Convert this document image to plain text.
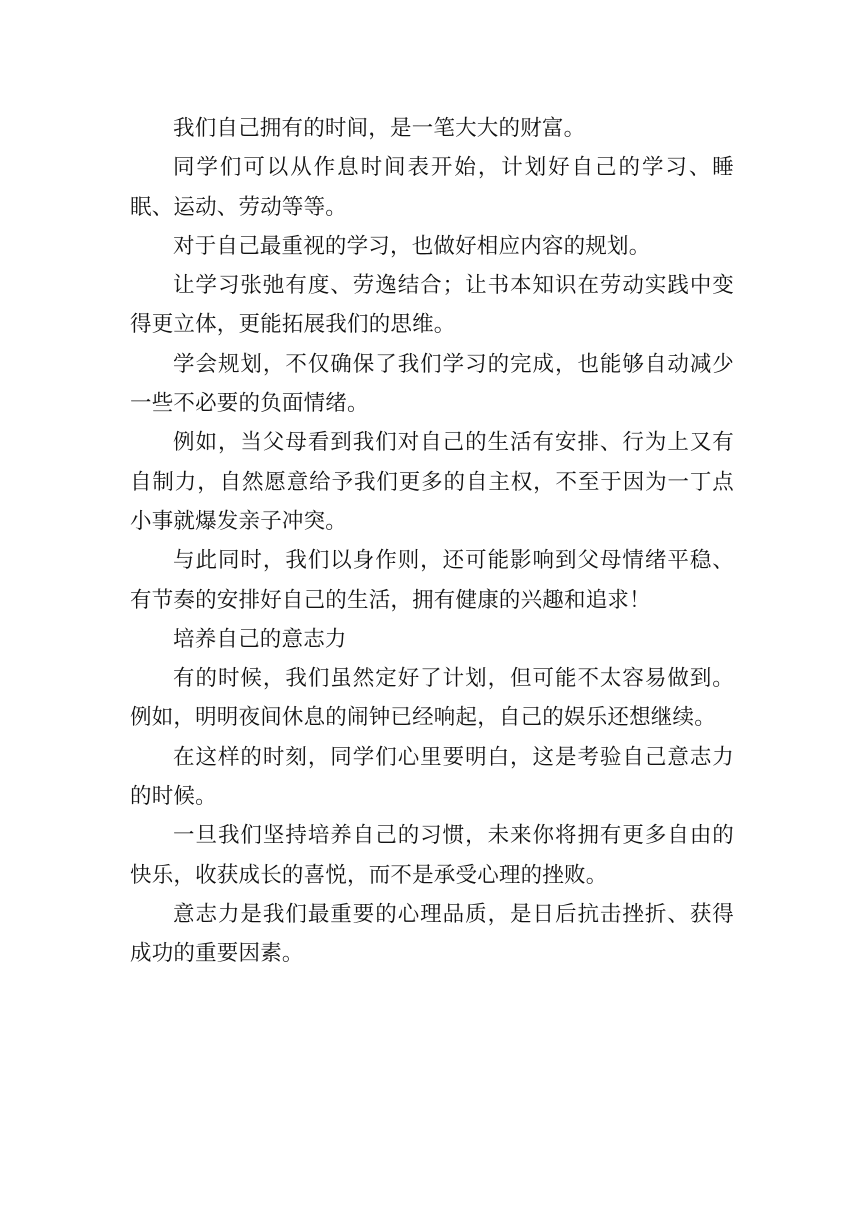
我们自己拥有的时间，是一笔大大的财富。

同学们可以从作息时间表开始，计划好自己的学习、睡眠、运动、劳动等等。

对于自己最重视的学习，也做好相应内容的规划。

让学习张弛有度、劳逸结合；让书本知识在劳动实践中变得更立体，更能拓展我们的思维。

学会规划，不仅确保了我们学习的完成，也能够自动减少一些不必要的负面情绪。

例如，当父母看到我们对自己的生活有安排、行为上又有自制力，自然愿意给予我们更多的自主权，不至于因为一丁点小事就爆发亲子冲突。

与此同时，我们以身作则，还可能影响到父母情绪平稳、有节奏的安排好自己的生活，拥有健康的兴趣和追求！

培养自己的意志力

有的时候，我们虽然定好了计划，但可能不太容易做到。例如，明明夜间休息的闹钟已经响起，自己的娱乐还想继续。

在这样的时刻，同学们心里要明白，这是考验自己意志力的时候。

一旦我们坚持培养自己的习惯，未来你将拥有更多自由的快乐，收获成长的喜悦，而不是承受心理的挫败。

意志力是我们最重要的心理品质，是日后抗击挫折、获得成功的重要因素。
